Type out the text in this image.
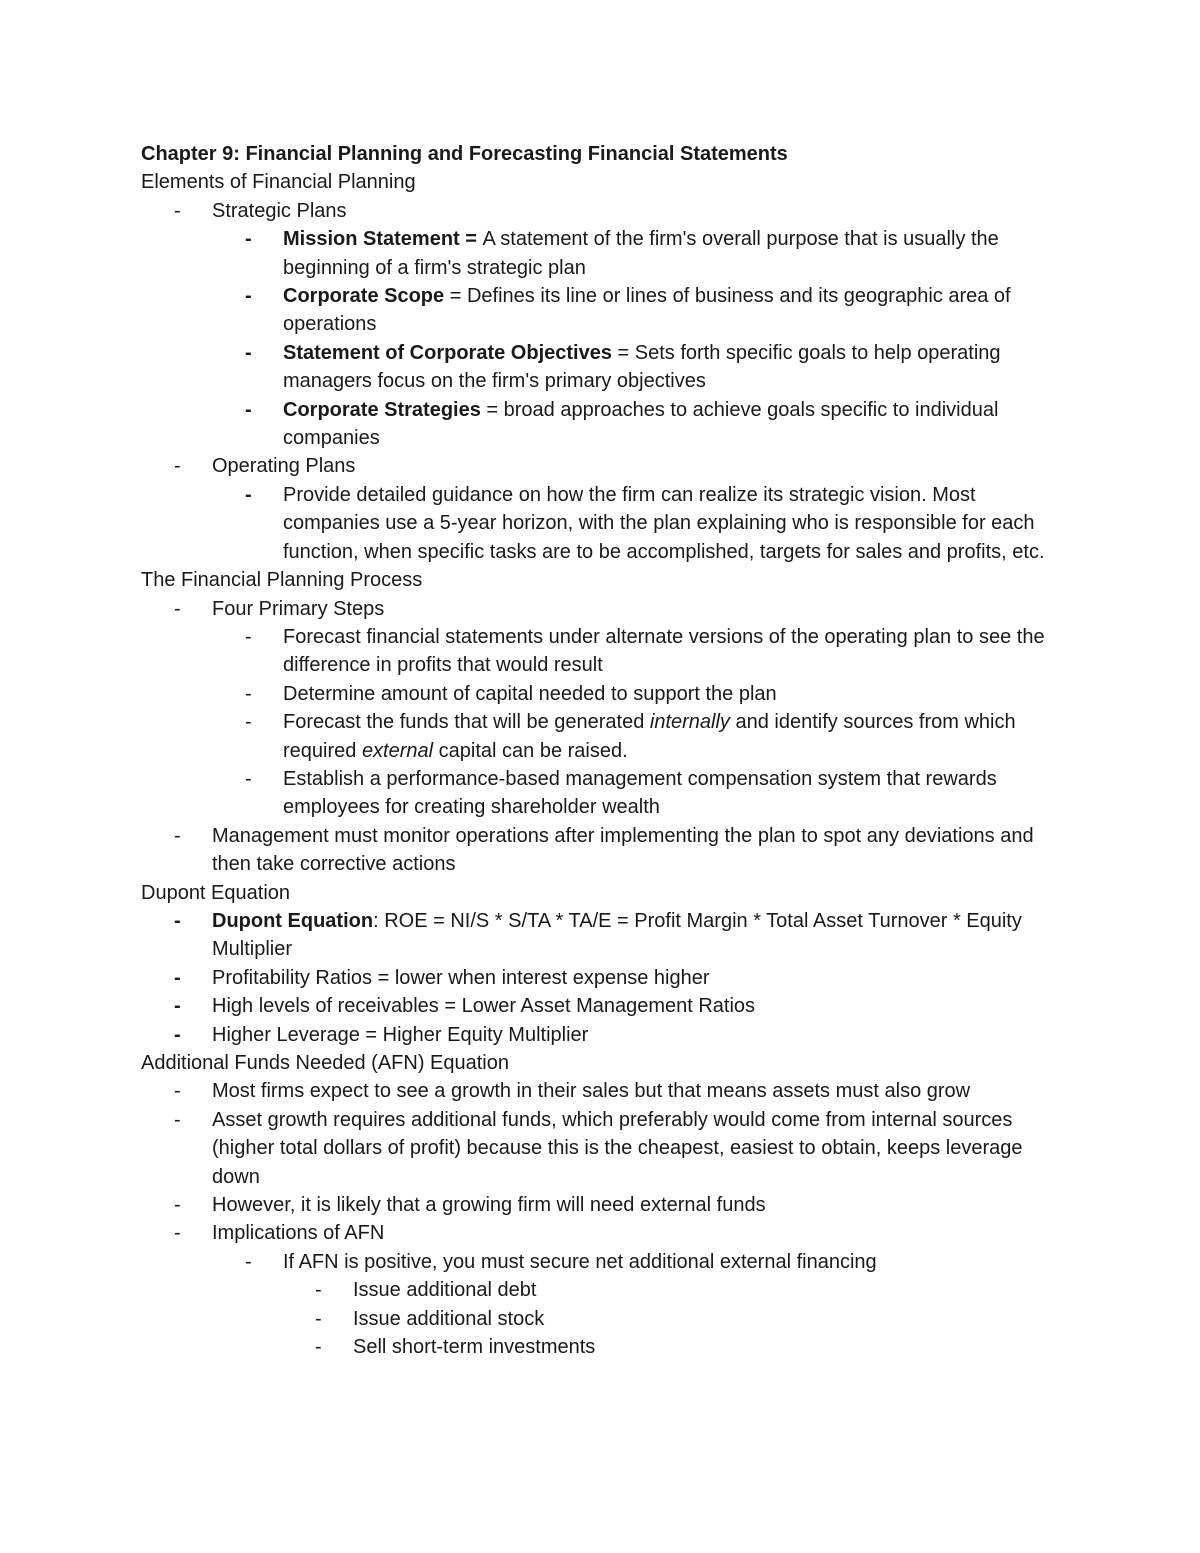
Chapter 9: Financial Planning and Forecasting Financial Statements

Elements of Financial Planning

-	Strategic Plans
-	Mission Statement = A statement of the firm's overall purpose that is usually the beginning of a firm's strategic plan
-	Corporate Scope = Defines its line or lines of business and its geographic area of operations
-	Statement of Corporate Objectives = Sets forth specific goals to help operating managers focus on the firm's primary objectives
-	Corporate Strategies = broad approaches to achieve goals specific to individual companies
-	Operating Plans
-	Provide detailed guidance on how the firm can realize its strategic vision. Most companies use a 5-year horizon, with the plan explaining who is responsible for each function, when specific tasks are to be accomplished, targets for sales and profits, etc.

The Financial Planning Process

-	Four Primary Steps
-	Forecast financial statements under alternate versions of the operating plan to see the difference in profits that would result
-	Determine amount of capital needed to support the plan
-	Forecast the funds that will be generated internally and identify sources from which required external capital can be raised.
-	Establish a performance-based management compensation system that rewards employees for creating shareholder wealth
-	Management must monitor operations after implementing the plan to spot any deviations and then take corrective actions

Dupont Equation

-	Dupont Equation: ROE = NI/S * S/TA * TA/E = Profit Margin * Total Asset Turnover * Equity Multiplier
-	Profitability Ratios = lower when interest expense higher
-	High levels of receivables = Lower Asset Management Ratios
-	Higher Leverage = Higher Equity Multiplier

Additional Funds Needed (AFN) Equation

-	Most firms expect to see a growth in their sales but that means assets must also grow
-	Asset growth requires additional funds, which preferably would come from internal sources (higher total dollars of profit) because this is the cheapest, easiest to obtain, keeps leverage down
-	However, it is likely that a growing firm will need external funds
-	Implications of AFN
-	If AFN is positive, you must secure net additional external financing
-	Issue additional debt
-	Issue additional stock
-	Sell short-term investments
